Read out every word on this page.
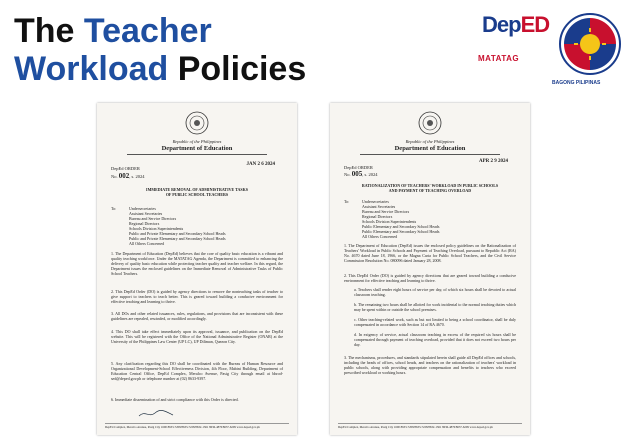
The Teacher
Workload Policies
DepED
MATATAG
BAGONG PILIPINAS
Republic of the Philippines
Department of Education
JAN 2 6 2024
DepEd ORDER
No. 002, s. 2024
IMMEDIATE REMOVAL OF ADMINISTRATIVE TASKS
OF PUBLIC SCHOOL TEACHERS
To:	Undersecretaries
Assistant Secretaries
Bureau and Service Directors
Regional Directors
Schools Division Superintendents
Public and Private Elementary and Secondary School Heads
Public and Private Elementary and Secondary School Heads
All Others Concerned
1. The Department of Education (DepEd) believes that the core of quality basic education is a vibrant and quality teaching workforce. Under the MATATAG Agenda, the Department is committed to enhancing the delivery of quality basic education while protecting teacher quality and teacher welfare. In this regard, the Department issues the enclosed guidelines on the Immediate Removal of Administrative Tasks of Public School Teachers.
2. This DepEd Order (DO) is guided by agency directions to remove the nonteaching tasks of teacher to give support to teachers to teach better. This is geared toward building a conducive environment for effective teaching and learning to thrive.
3. All DOs and other related issuances, rules, regulations, and provisions that are inconsistent with these guidelines are repealed, rescinded, or modified accordingly.
4. This DO shall take effect immediately upon its approval, issuance, and publication on the DepEd website. This will be registered with the Office of the National Administrative Register (ONAR) at the University of the Philippines Law Center (UP LC), UP Diliman, Quezon City.
5. Any clarification regarding this DO shall be coordinated with the Bureau of Human Resource and Organizational Development-School Effectiveness Division, 4th Floor, Mabini Building, Department of Education Central Office, DepEd Complex, Meralco Avenue, Pasig City through email at bhrod-sed@deped.gov.ph or telephone number at (02) 8633-9397.
6. Immediate dissemination of and strict compliance with this Order is directed.
DepEd Complex, Meralco Avenue, Pasig City 1600 8633-7208/8633-7228/8632-1361 8636-4876/8637-6209 www.deped.gov.ph
Republic of the Philippines
Department of Education
APR 2 9 2024
DepEd ORDER
No. 005, s. 2024
RATIONALIZATION OF TEACHERS' WORKLOAD IN PUBLIC SCHOOLS
AND PAYMENT OF TEACHING OVERLOAD
To:	Undersecretaries
Assistant Secretaries
Bureau and Service Directors
Regional Directors
Schools Division Superintendents
Public Elementary and Secondary School Heads
Public Elementary and Secondary School Heads
All Others Concerned
1. The Department of Education (DepEd) issues the enclosed policy guidelines on the Rationalization of Teachers' Workload in Public Schools and Payment of Teaching Overload, pursuant to Republic Act (RA) No. 4670 dated June 18, 1966, or the Magna Carta for Public School Teachers, and the Civil Service Commission Resolution No. 080096 dated January 28, 2008.
2. This DepEd Order (DO) is guided by agency directions that are geared toward building a conducive environment for effective teaching and learning to thrive.
a. Teachers shall render eight hours of service per day, of which six hours shall be devoted to actual classroom teaching.
b. The remaining two hours shall be allotted for work incidental to the normal teaching duties which may be spent within or outside the school premises.
c. Other teaching-related work, such as but not limited to being a school coordinator, shall be duly compensated in accordance with Section 14 of RA 4670.
d. In exigency of service, actual classroom teaching in excess of the required six hours shall be compensated through payment of teaching overload, provided that it does not exceed two hours per day.
3. The mechanisms, procedures, and standards stipulated herein shall guide all DepEd offices and schools, including the heads of offices, school heads, and teachers on the rationalization of teachers' workload in public schools, along with providing appropriate compensation and benefits to teachers who exceed prescribed workload or working hours.
DepEd Complex, Meralco Avenue, Pasig City 1600 8633-7208/8633-7228/8632-1361 8636-4876/8637-6209 www.deped.gov.ph
